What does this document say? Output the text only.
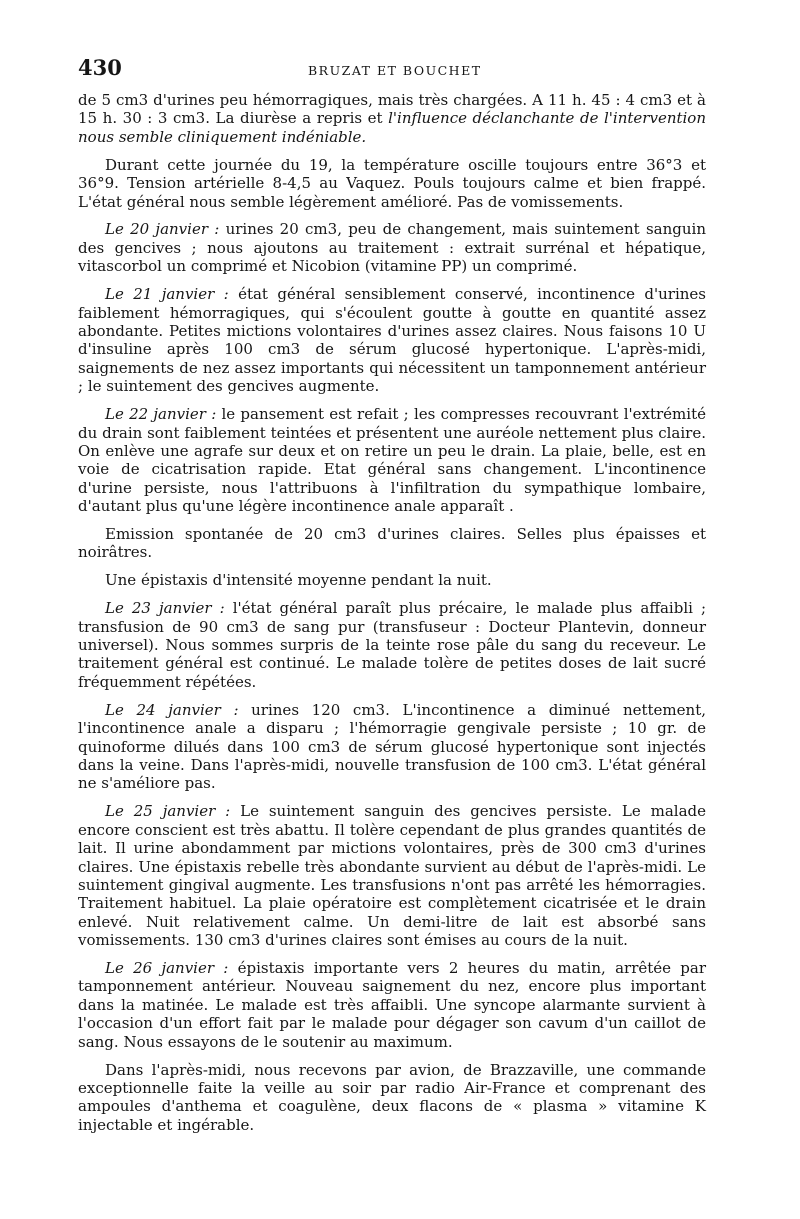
430	BRUZAT ET BOUCHET

de 5 cm3 d'urines peu hémorragiques, mais très chargées. A 11 h. 45 : 4 cm3 et à 15 h. 30 : 3 cm3. La diurèse a repris et l'influence déclanchante de l'intervention nous semble cliniquement indéniable.

Durant cette journée du 19, la température oscille toujours entre 36°3 et 36°9. Tension artérielle 8-4,5 au Vaquez. Pouls toujours calme et bien frappé. L'état général nous semble légèrement amélioré. Pas de vomissements.

Le 20 janvier : urines 20 cm3, peu de changement, mais suintement sanguin des gencives ; nous ajoutons au traitement : extrait surrénal et hépatique, vitascorbol un comprimé et Nicobion (vitamine PP) un comprimé.

Le 21 janvier : état général sensiblement conservé, incontinence d'urines faiblement hémorragiques, qui s'écoulent goutte à goutte en quantité assez abondante. Petites mictions volontaires d'urines assez claires. Nous faisons 10 U d'insuline après 100 cm3 de sérum glucosé hypertonique. L'après-midi, saignements de nez assez importants qui nécessitent un tamponnement antérieur ; le suintement des gencives augmente.

Le 22 janvier : le pansement est refait ; les compresses recouvrant l'extrémité du drain sont faiblement teintées et présentent une auréole nettement plus claire. On enlève une agrafe sur deux et on retire un peu le drain. La plaie, belle, est en voie de cicatrisation rapide. Etat général sans changement. L'incontinence d'urine persiste, nous l'attribuons à l'infiltration du sympathique lombaire, d'autant plus qu'une légère incontinence anale apparaît .

Emission spontanée de 20 cm3 d'urines claires. Selles plus épaisses et noirâtres.

Une épistaxis d'intensité moyenne pendant la nuit.

Le 23 janvier : l'état général paraît plus précaire, le malade plus affaibli ; transfusion de 90 cm3 de sang pur (transfuseur : Docteur Plantevin, donneur universel). Nous sommes surpris de la teinte rose pâle du sang du receveur. Le traitement général est continué. Le malade tolère de petites doses de lait sucré fréquemment répétées.

Le 24 janvier : urines 120 cm3. L'incontinence a diminué nettement, l'incontinence anale a disparu ; l'hémorragie gengivale persiste ; 10 gr. de quinoforme dilués dans 100 cm3 de sérum glucosé hypertonique sont injectés dans la veine. Dans l'après-midi, nouvelle transfusion de 100 cm3. L'état général ne s'améliore pas.

Le 25 janvier : Le suintement sanguin des gencives persiste. Le malade encore conscient est très abattu. Il tolère cependant de plus grandes quantités de lait. Il urine abondamment par mictions volontaires, près de 300 cm3 d'urines claires. Une épistaxis rebelle très abondante survient au début de l'après-midi. Le suintement gingival augmente. Les transfusions n'ont pas arrêté les hémorragies. Traitement habituel. La plaie opératoire est complètement cicatrisée et le drain enlevé. Nuit relativement calme. Un demi-litre de lait est absorbé sans vomissements. 130 cm3 d'urines claires sont émises au cours de la nuit.

Le 26 janvier : épistaxis importante vers 2 heures du matin, arrêtée par tamponnement antérieur. Nouveau saignement du nez, encore plus important dans la matinée. Le malade est très affaibli. Une syncope alarmante survient à l'occasion d'un effort fait par le malade pour dégager son cavum d'un caillot de sang. Nous essayons de le soutenir au maximum.

Dans l'après-midi, nous recevons par avion, de Brazzaville, une commande exceptionnelle faite la veille au soir par radio Air-France et comprenant des ampoules d'anthema et coagulène, deux flacons de « plasma » vitamine K injectable et ingérable.
